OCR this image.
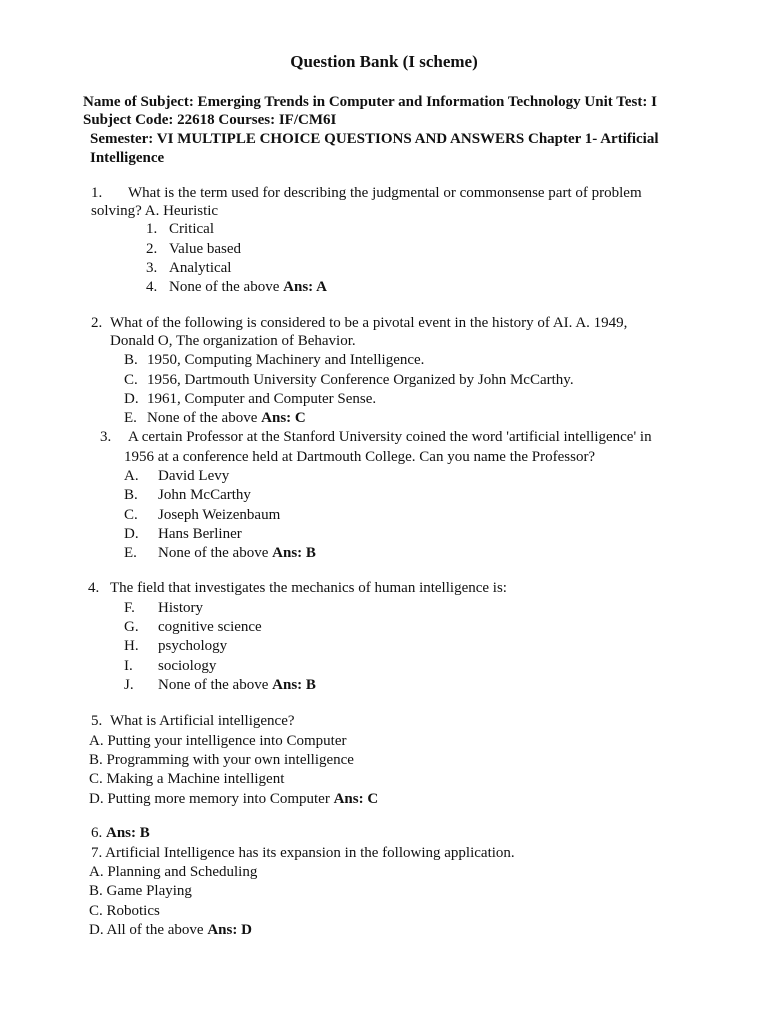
Question Bank (I scheme)
Name of Subject: Emerging Trends in Computer and Information Technology Unit Test: I
Subject Code: 22618 Courses: IF/CM6I
Semester: VI MULTIPLE CHOICE QUESTIONS AND ANSWERS Chapter 1- Artificial
Intelligence
1. What is the term used for describing the judgmental or commonsense part of problem
solving? A. Heuristic
1. Critical
2. Value based
3. Analytical
4. None of the above Ans: A
2. What of the following is considered to be a pivotal event in the history of AI. A. 1949,
Donald O, The organization of Behavior.
B. 1950, Computing Machinery and Intelligence.
C. 1956, Dartmouth University Conference Organized by John McCarthy.
D. 1961, Computer and Computer Sense.
E. None of the above Ans: C
3. A certain Professor at the Stanford University coined the word 'artificial intelligence' in
1956 at a conference held at Dartmouth College. Can you name the Professor?
A. David Levy
B. John McCarthy
C. Joseph Weizenbaum
D. Hans Berliner
E. None of the above Ans: B
4. The field that investigates the mechanics of human intelligence is:
F. History
G. cognitive science
H. psychology
I. sociology
J. None of the above Ans: B
5. What is Artificial intelligence?
A. Putting your intelligence into Computer
B. Programming with your own intelligence
C. Making a Machine intelligent
D. Putting more memory into Computer Ans: C
6. Ans: B
7. Artificial Intelligence has its expansion in the following application.
A. Planning and Scheduling
B. Game Playing
C. Robotics
D. All of the above Ans: D
